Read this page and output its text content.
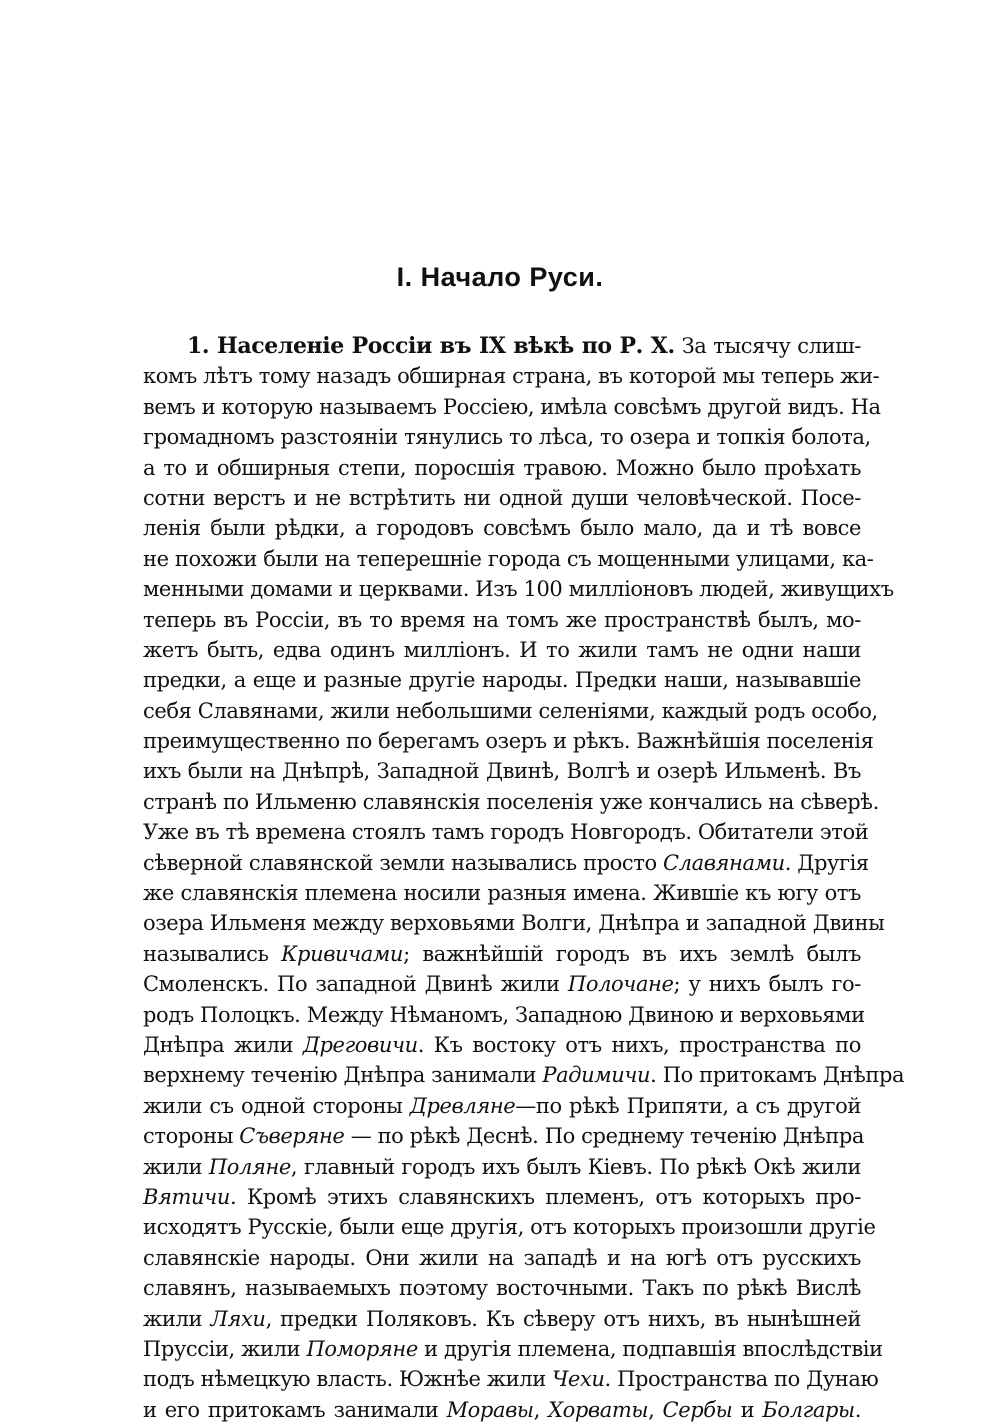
I. Начало Руси.
1. Населеніе Россіи въ IX вѣкѣ по Р. Х. За тысячу слиш-
комъ лѣтъ тому назадъ обширная страна, въ которой мы теперь жи-
вемъ и которую называемъ Россіею, имѣла совсѣмъ другой видъ. На
громадномъ разстояніи тянулись то лѣса, то озера и топкія болота,
а то и обширныя степи, поросшія травою. Можно было проѣхать
сотни верстъ и не встрѣтить ни одной души человѣческой. Посе-
ленія были рѣдки, а городовъ совсѣмъ было мало, да и тѣ вовсе
не похожи были на теперешніе города съ мощенными улицами, ка-
менными домами и церквами. Изъ 100 милліоновъ людей, живущихъ
теперь въ Россіи, въ то время на томъ же пространствѣ былъ, мо-
жетъ быть, едва одинъ милліонъ. И то жили тамъ не одни наши
предки, а еще и разные другіе народы. Предки наши, называвшіе
себя Славянами, жили небольшими селеніями, каждый родъ особо,
преимущественно по берегамъ озеръ и рѣкъ. Важнѣйшія поселенія
ихъ были на Днѣпрѣ, Западной Двинѣ, Волгѣ и озерѣ Ильменѣ. Въ
странѣ по Ильменю славянскія поселенія уже кончались на сѣверѣ.
Уже въ тѣ времена стоялъ тамъ городъ Новгородъ. Обитатели этой
сѣверной славянской земли назывались просто Славянами. Другія
же славянскія племена носили разныя имена. Жившіе къ югу отъ
озера Ильменя между верховьями Волги, Днѣпра и западной Двины
назывались Кривичами; важнѣйшій городъ въ ихъ землѣ былъ
Смоленскъ. По западной Двинѣ жили Полочане; у нихъ былъ го-
родъ Полоцкъ. Между Нѣманомъ, Западною Двиною и верховьями
Днѣпра жили Дреговичи. Къ востоку отъ нихъ, пространства по
верхнему теченію Днѣпра занимали Радимичи. По притокамъ Днѣпра
жили съ одной стороны Древляне—по рѣкѣ Припяти, а съ другой
стороны Съверяне — по рѣкѣ Деснѣ. По среднему теченію Днѣпра
жили Поляне, главный городъ ихъ былъ Кіевъ. По рѣкѣ Окѣ жили
Вятичи. Кромѣ этихъ славянскихъ племенъ, отъ которыхъ про-
исходятъ Русскіе, были еще другія, отъ которыхъ произошли другіе
славянскіе народы. Они жили на западѣ и на югѣ отъ русскихъ
славянъ, называемыхъ поэтому восточными. Такъ по рѣкѣ Вислѣ
жили Ляхи, предки Поляковъ. Къ сѣверу отъ нихъ, въ нынѣшней
Пруссіи, жили Поморяне и другія племена, подпавшія впослѣдствіи
подъ нѣмецкую власть. Южнѣе жили Чехи. Пространства по Дунаю
и его притокамъ занимали Моравы, Хорваты, Сербы и Болгары.
